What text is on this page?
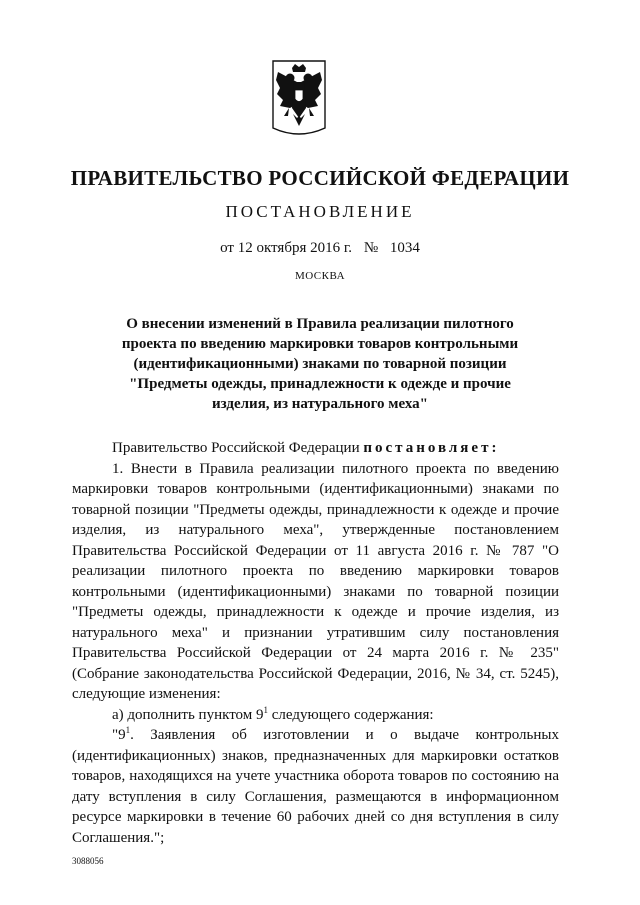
ПРАВИТЕЛЬСТВО РОССИЙСКОЙ ФЕДЕРАЦИИ
ПОСТАНОВЛЕНИЕ
от 12 октября 2016 г. № 1034
МОСКВА
О внесении изменений в Правила реализации пилотного
проекта по введению маркировки товаров контрольными
(идентификационными) знаками по товарной позиции
"Предметы одежды, принадлежности к одежде и прочие
изделия, из натурального меха"

Правительство Российской Федерации постановляет:

1. Внести в Правила реализации пилотного проекта по введению маркировки товаров контрольными (идентификационными) знаками по товарной позиции "Предметы одежды, принадлежности к одежде и прочие изделия, из натурального меха", утвержденные постановлением Правительства Российской Федерации от 11 августа 2016 г. № 787 "О реализации пилотного проекта по введению маркировки товаров контрольными (идентификационными) знаками по товарной позиции "Предметы одежды, принадлежности к одежде и прочие изделия, из натурального меха" и признании утратившим силу постановления Правительства Российской Федерации от 24 марта 2016 г. № 235" (Собрание законодательства Российской Федерации, 2016, № 34, ст. 5245), следующие изменения:

а) дополнить пунктом $9^1$ следующего содержания:

"$9^1$. Заявления об изготовлении и о выдаче контрольных (идентификационных) знаков, предназначенных для маркировки остатков товаров, находящихся на учете участника оборота товаров по состоянию на дату вступления в силу Соглашения, размещаются в информационном ресурсе маркировки в течение 60 рабочих дней со дня вступления в силу Соглашения.";

3088056
